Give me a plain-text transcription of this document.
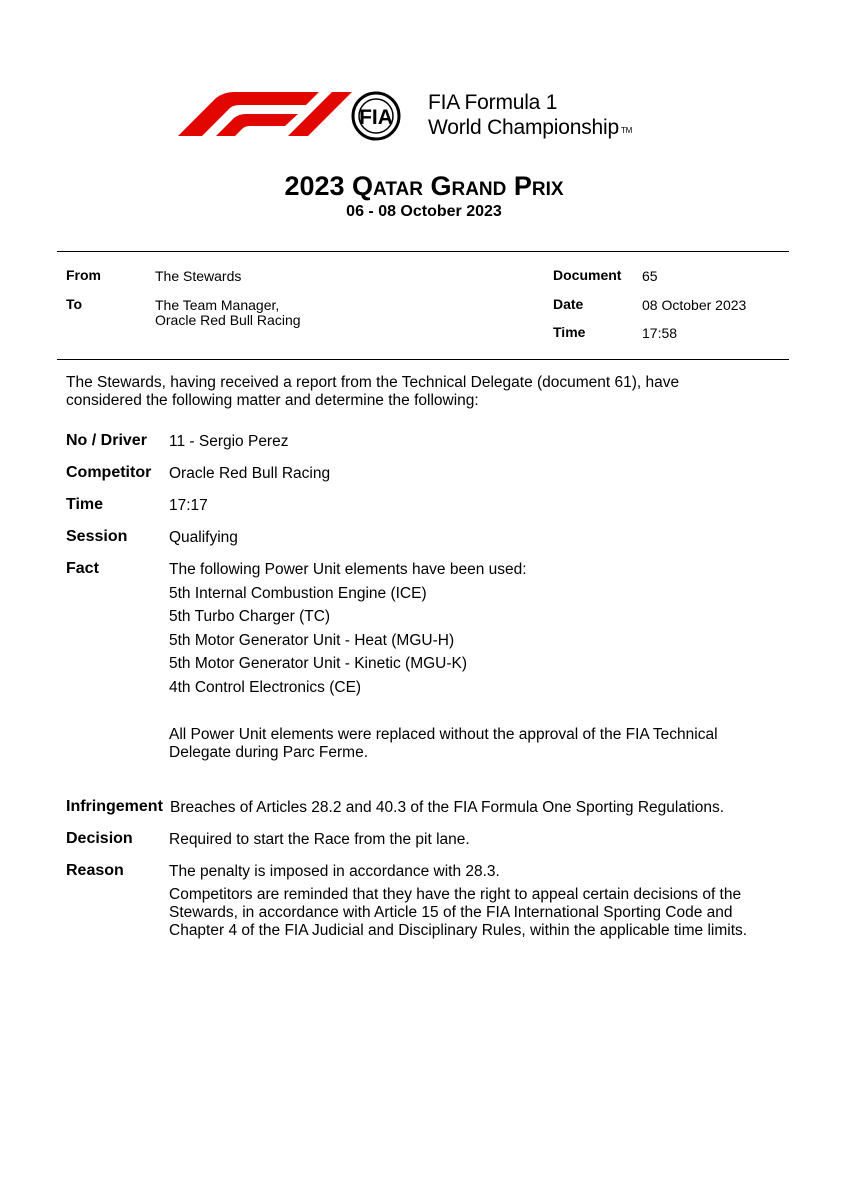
FIA
FIA Formula 1
World Championship TM
2023 Qatar Grand Prix
06 - 08 October 2023
From	The Stewards
To	The Team Manager,
Oracle Red Bull Racing
Document 65
Date	08 October 2023
Time	17:58
The Stewards, having received a report from the Technical Delegate (document 61), have
considered the following matter and determine the following:
No / Driver 11 - Sergio Perez
Competitor Oracle Red Bull Racing
Time	17:17
Session	Qualifying
Fact	The following Power Unit elements have been used:
5th Internal Combustion Engine (ICE)
5th Turbo Charger (TC)
5th Motor Generator Unit - Heat (MGU-H)
5th Motor Generator Unit - Kinetic (MGU-K)
4th Control Electronics (CE)
All Power Unit elements were replaced without the approval of the FIA Technical
Delegate during Parc Ferme.
Infringement Breaches of Articles 28.2 and 40.3 of the FIA Formula One Sporting Regulations.
Decision Required to start the Race from the pit lane.
Reason	The penalty is imposed in accordance with 28.3.
Competitors are reminded that they have the right to appeal certain decisions of the
Stewards, in accordance with Article 15 of the FIA International Sporting Code and
Chapter 4 of the FIA Judicial and Disciplinary Rules, within the applicable time limits.
